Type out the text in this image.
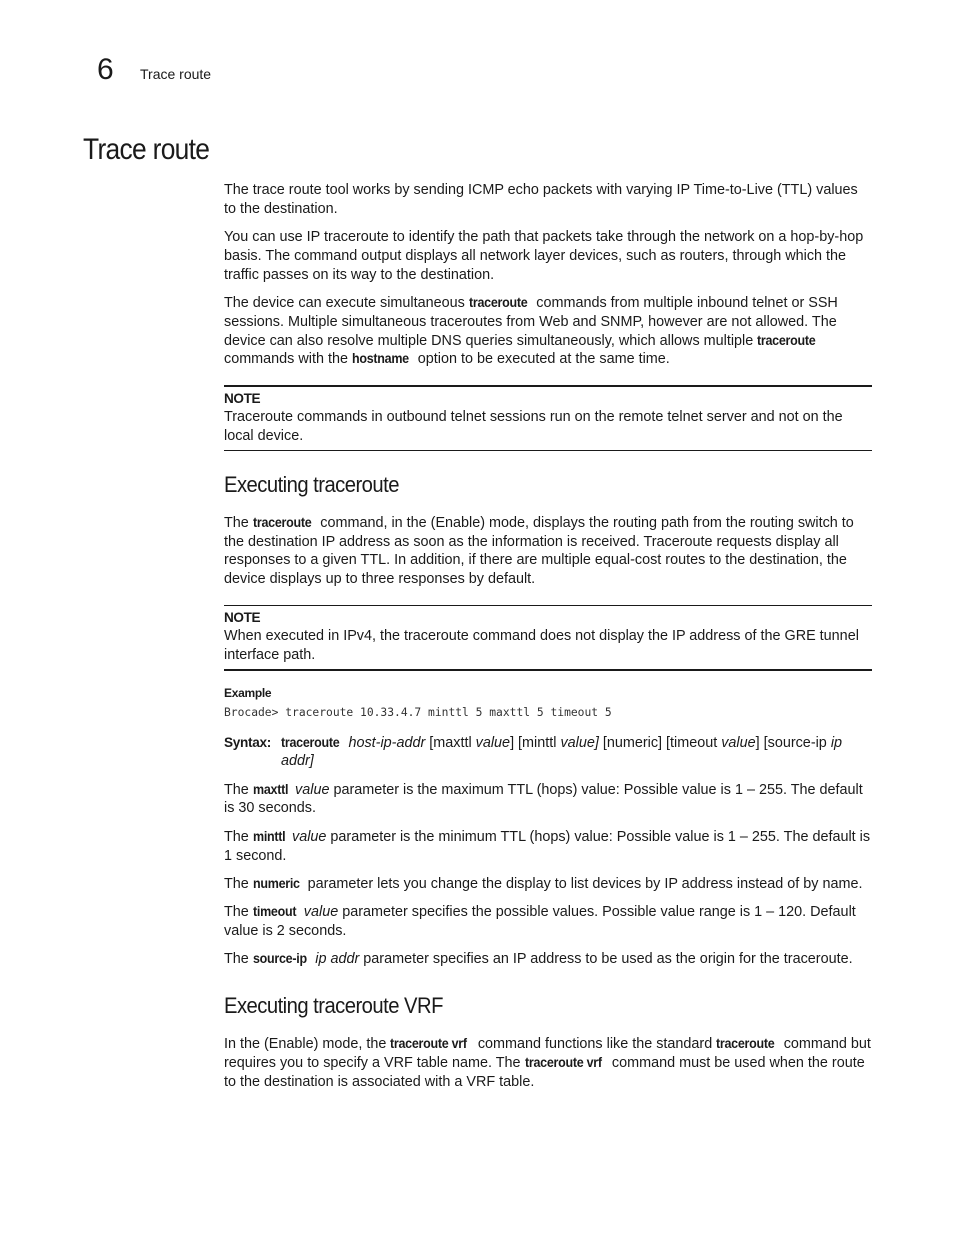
6 Trace route
Trace route

The trace route tool works by sending ICMP echo packets with varying IP Time-to-Live (TTL) values to the destination.

You can use IP traceroute to identify the path that packets take through the network on a hop-by-hop basis. The command output displays all network layer devices, such as routers, through which the traffic passes on its way to the destination.

The device can execute simultaneous traceroute commands from multiple inbound telnet or SSH sessions. Multiple simultaneous traceroutes from Web and SNMP, however are not allowed. The device can also resolve multiple DNS queries simultaneously, which allows multiple traceroute commands with the hostname option to be executed at the same time.

NOTE

Traceroute commands in outbound telnet sessions run on the remote telnet server and not on the local device.

Executing traceroute

The traceroute command, in the (Enable) mode, displays the routing path from the routing switch to the destination IP address as soon as the information is received. Traceroute requests display all responses to a given TTL. In addition, if there are multiple equal-cost routes to the destination, the device displays up to three responses by default.

NOTE

When executed in IPv4, the traceroute command does not display the IP address of the GRE tunnel interface path.

Example
Brocade> traceroute 10.33.4.7 minttl 5 maxttl 5 timeout 5
Syntax: traceroute host-ip-addr [maxttl value] [minttl value] [numeric] [timeout value] [source-ip ip addr]

The maxttl value parameter is the maximum TTL (hops) value: Possible value is 1 – 255. The default is 30 seconds.

The minttl value parameter is the minimum TTL (hops) value: Possible value is 1 – 255. The default is 1 second.

The numeric parameter lets you change the display to list devices by IP address instead of by name.

The timeout value parameter specifies the possible values. Possible value range is 1 – 120. Default value is 2 seconds.

The source-ip ip addr parameter specifies an IP address to be used as the origin for the traceroute.

Executing traceroute VRF

In the (Enable) mode, the traceroute vrf command functions like the standard traceroute command but requires you to specify a VRF table name. The traceroute vrf command must be used when the route to the destination is associated with a VRF table.
